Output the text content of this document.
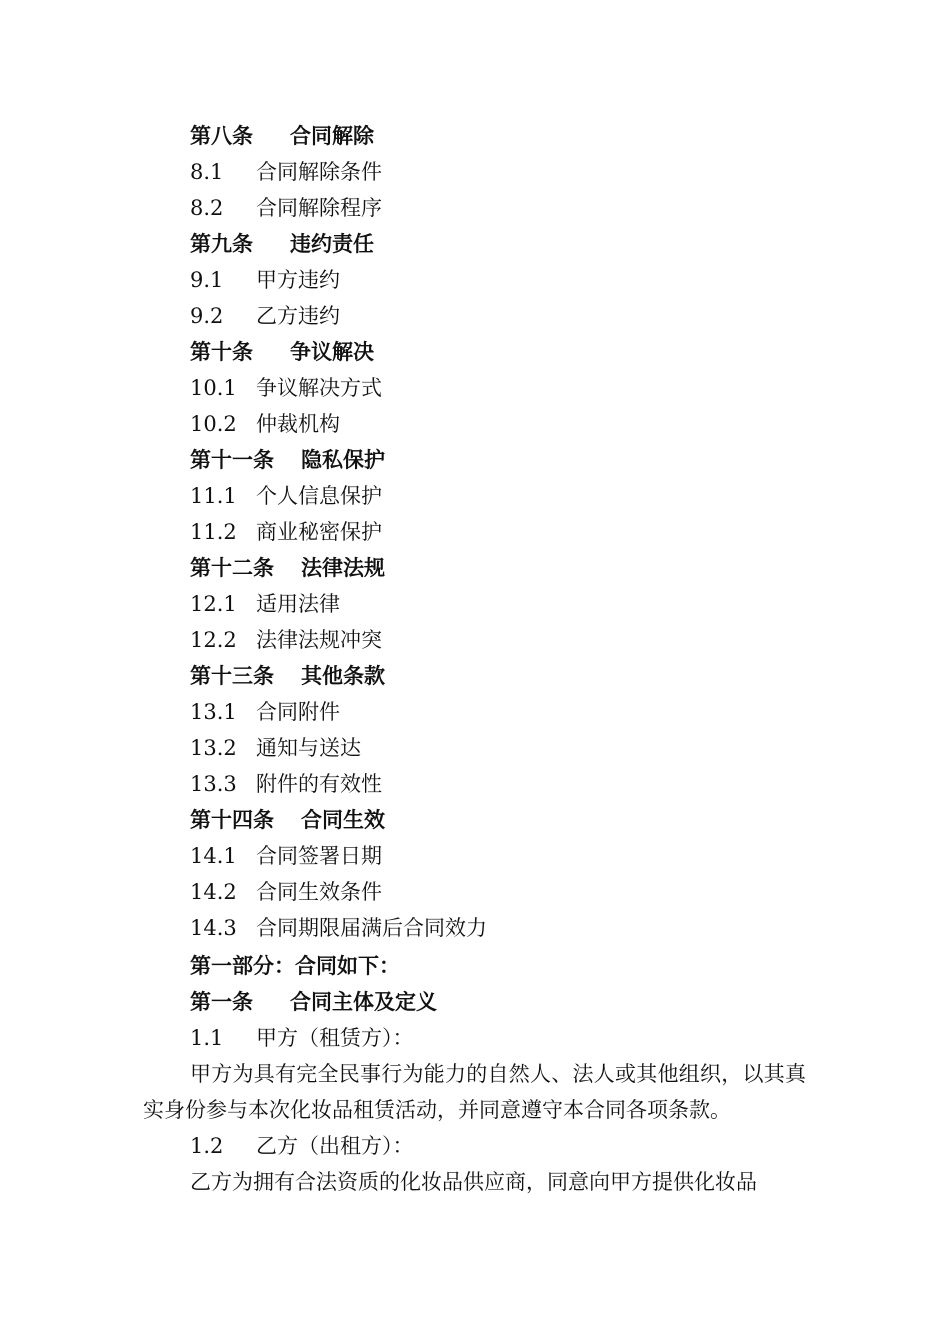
第八条 合同解除
8.1 合同解除条件
8.2 合同解除程序
第九条 违约责任
9.1 甲方违约
9.2 乙方违约
第十条 争议解决
10.1 争议解决方式
10.2 仲裁机构
第十一条 隐私保护
11.1 个人信息保护
11.2 商业秘密保护
第十二条 法律法规
12.1 适用法律
12.2 法律法规冲突
第十三条 其他条款
13.1 合同附件
13.2 通知与送达
13.3 附件的有效性
第十四条 合同生效
14.1 合同签署日期
14.2 合同生效条件
14.3 合同期限届满后合同效力
第一部分：合同如下：
第一条 合同主体及定义
1.1 甲方（租赁方）：
甲方为具有完全民事行为能力的自然人、法人或其他组织，以其真实身份参与本次化妆品租赁活动，并同意遵守本合同各项条款。
1.2 乙方（出租方）：
乙方为拥有合法资质的化妆品供应商，同意向甲方提供化妆品
